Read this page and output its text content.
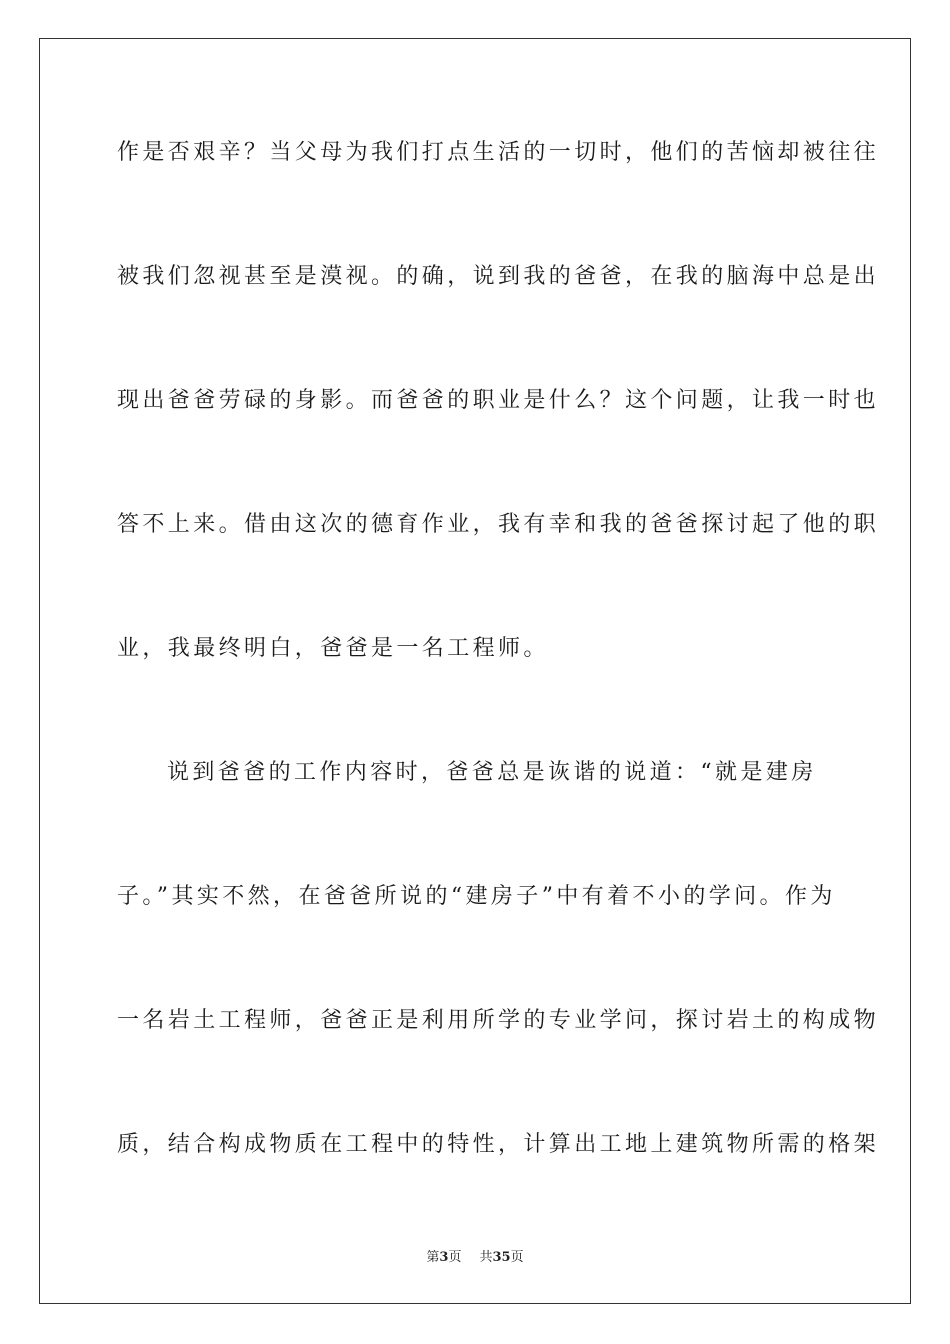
作是否艰辛？当父母为我们打点生活的一切时，他们的苦恼却被往往
被我们忽视甚至是漠视。的确，说到我的爸爸，在我的脑海中总是出
现出爸爸劳碌的身影。而爸爸的职业是什么？这个问题，让我一时也
答不上来。借由这次的德育作业，我有幸和我的爸爸探讨起了他的职
业，我最终明白，爸爸是一名工程师。
说到爸爸的工作内容时，爸爸总是诙谐的说道：“就是建房
子。”其实不然，在爸爸所说的“建房子”中有着不小的学问。作为
一名岩土工程师，爸爸正是利用所学的专业学问，探讨岩土的构成物
质，结合构成物质在工程中的特性，计算出工地上建筑物所需的格架
第3页 共35页
